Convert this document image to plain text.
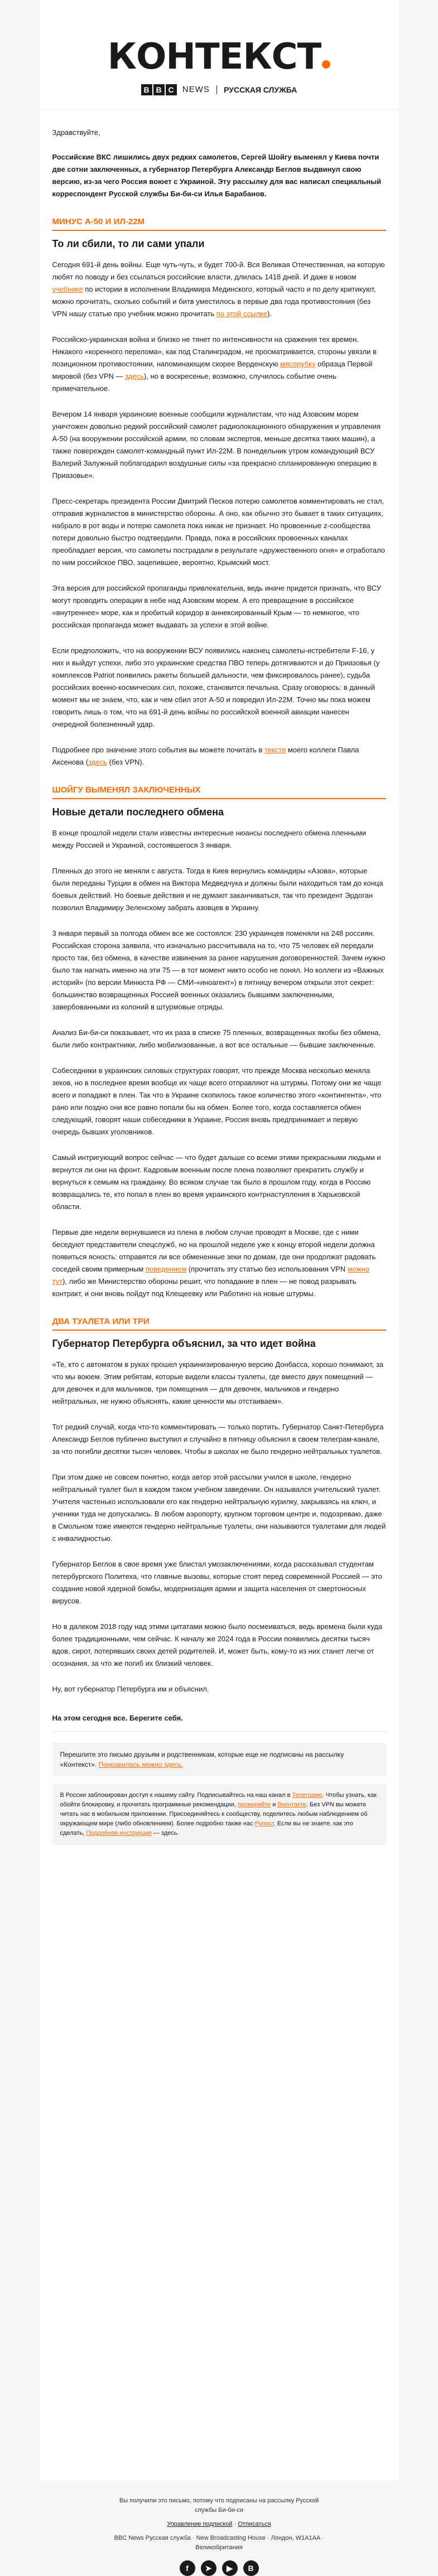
КОНТЕКСТ
B B C	NEWS РУССКАЯ СЛУЖБА

Здравствуйте,

Российские ВКС лишились двух редких самолетов, Сергей Шойгу выменял у Киева почти две сотни заключенных, а губернатор Петербурга Александр Беглов выдвинул свою версию, из-за чего Россия воюет с Украиной. Эту рассылку для вас написал специальный корреспондент Русской службы Би-би-си Илья Барабанов.

МИНУС А-50 И ИЛ-22М
То ли сбили, то ли сами упали

Сегодня 691-й день войны. Еще чуть-чуть, и будет 700-й. Вся Великая Отечественная, на которую любят по поводу и без ссылаться российские власти, длилась 1418 дней. И даже в новом учебнике по истории в исполнении Владимира Мединского, который часто и по делу критикуют, можно прочитать, сколько событий и битв уместилось в первые два года противостояния (без VPN нашу статью про учебник можно прочитать по этой ссылке).

Российско-украинская война и близко не тянет по интенсивности на сражения тех времен. Никакого «коренного перелома», как под Сталинградом, не просматривается, стороны увязли в позиционном противостоянии, напоминающем скорее Верденскую мясорубку образца Первой мировой (без VPN — здесь), но в воскресенье, возможно, случилось событие очень примечательное.

Вечером 14 января украинские военные сообщили журналистам, что над Азовским морем уничтожен довольно редкий российский самолет радиолокационного обнаружения и управления А-50 (на вооружении российской армии, по словам экспертов, меньше десятка таких машин), а также повережден самолет-командный пункт Ил-22М. В понедельник утром командующий ВСУ Валерий Залужный поблагодарил воздушные силы «за прекрасно спланированную операцию в Приазовье».

Пресс-секретарь президента России Дмитрий Песков потерю самолетов комментировать не стал, отправив журналистов в министерство обороны. А оно, как обычно это бывает в таких ситуациях, набрало в рот воды и потерю самолета пока никак не признает. Но провоенные z-сообщества потери довольно быстро подтвердили. Правда, пока в российских провоенных каналах преобладает версия, что самолеты пострадали в результате «дружественного огня» и отработало по ним российское ПВО, зацепившее, вероятно, Крымский мост.

Эта версия для российской пропаганды привлекательна, ведь иначе придется признать, что ВСУ могут проводить операции в небе над Азовским морем. А его превращение в российское «внутреннее» море, как и пробитый коридор в аннексированный Крым — то немногое, что российская пропаганда может выдавать за успехи в этой войне.

Если предположить, что на вооружении ВСУ появились наконец самолеты-истребители F-16, у них и выйдут успехи, либо это украинские средства ПВО теперь дотягиваются и до Приазовья (у комплексов Patriot появились ракеты большей дальности, чем фиксировалось ранее), судьба российских военно-космических сил, похоже, становится печальна. Сразу оговорюсь: в данный момент мы не знаем, что, как и чем сбил этот А-50 и повредил Ил-22М. Точно мы пока можем говорить лишь о том, что на 691-й день войны по российской военной авиации нанесен очередной болезненный удар.

Подробнее про значение этого события вы можете почитать в тексте моего коллеги Павла Аксенова (здесь (без VPN).

ШОЙГУ ВЫМЕНЯЛ ЗАКЛЮЧЕННЫХ
Новые детали последнего обмена

В конце прошлой недели стали известны интересные нюансы последнего обмена пленными между Россией и Украиной, состоявшегося 3 января.

Пленных до этого не меняли с августа. Тогда в Киев вернулись командиры «Азова», которые были переданы Турции в обмен на Виктора Медведчука и должны были находиться там до конца боевых действий. Но боевые действия и не думают заканчиваться, так что президент Эрдоган позволил Владимиру Зеленскому забрать азовцев в Украину.

3 января первый за полгода обмен все же состоялся: 230 украинцев поменяли на 248 россиян. Российская сторона заявила, что изначально рассчитывала на то, что 75 человек ей передали просто так, без обмена, в качестве извинения за ранее нарушения договоренностей. Зачем нужно было так нагнать именно на эти 75 — в тот момент никто особо не понял. Но коллеги из «Важных историй» (по версии Минюста РФ — СМИ-«иноагент») в пятницу вечером открыли этот секрет: большинство возвращенных Россией военных оказались бывшими заключенными, завербованными из колоний в штурмовые отряды.

Анализ Би-би-си показывает, что их раза в списке 75 пленных, возвращенных якобы без обмена, были либо контрактники, либо мобилизованные, а вот все остальные — бывшие заключенные.

Собеседники в украинских силовых структурах говорят, что прежде Москва несколько меняла зеков, но в последнее время вообще их чаще всего отправляют на штурмы. Потому они же чаще всего и попадают в плен. Так что в Украине скопилось такое количество этого «контингента», что рано или поздно они все равно попали бы на обмен. Более того, когда составляется обмен следующий, говорят наши собеседники в Украине, Россия вновь предпринимает и первую очередь бывших уголовников.

Самый интригующий вопрос сейчас — что будет дальше со всеми этими прекрасными людьми и вернутся ли они на фронт. Кадровым военным после плена позволяют прекратить службу и вернуться к семьям на гражданку. Во всяком случае так было в прошлом году, когда в Россию возвращались те, кто попал в плен во время украинского контрнаступления в Харьковской области.

Первые две недели вернувшиеся из плена в любом случае проводят в Москве, где с ними беседуют представители спецслужб, но на прошлой неделе уже к концу второй недели должна появиться ясность: отправятся ли все обмененные зеки по домам, где они продолжат радовать соседей своим примерным поведением (прочитать эту статью без использования VPN можно тут), либо же Министерство обороны решит, что попадание в плен — не повод разрывать контракт, и они вновь пойдут под Клещеевку или Работино на новые штурмы.

ДВА ТУАЛЕТА ИЛИ ТРИ
Губернатор Петербурга объяснил, за что идет война

«Те, кто с автоматом в руках прошел украинизированную версию Донбасса, хорошо понимают, за что мы воюем. Этим ребятам, которые видели классы туалеты, где вместо двух помещений — для девочек и для мальчиков, три помещения — для девочек, мальчиков и гендерно нейтральных, не нужно объяснять, какие ценности мы отстаиваем».

Тот редкий случай, когда что-то комментировать — только портить. Губернатор Санкт-Петербурга Александр Беглов публично выступил и случайно в пятницу объяснил в своем телеграм-канале, за что погибли десятки тысяч человек. Чтобы в школах не было гендерно нейтральных туалетов.

При этом даже не совсем понятно, когда автор этой рассылки учился в школе, гендерно нейтральный туалет был в каждом таком учебном заведении. Он назывался учительский туалет. Учителя частенько использовали его как гендерно нейтральную курилку, закрываясь на ключ, и ученики туда не допускались. В любом аэропорту, крупном торговом центре и, подозреваю, даже в Смольном тоже имеются гендерно нейтральные туалеты, они называются туалетами для людей с инвалидностью.

Губернатор Беглов в свое время уже блистал умозаключениями, когда рассказывал студентам петербургского Политеха, что главные вызовы, которые стоят перед современной Россией — это создание новой ядерной бомбы, модернизация армии и защита населения от смертоносных вирусов.

Но в далеком 2018 году над этими цитатами можно было посмеиваться, ведь времена были куда более традиционными, чем сейчас. К началу же 2024 года в России появились десятки тысяч вдов, сирот, потерявших своих детей родителей. И, может быть, кому-то из них станет легче от осознания, за что же погиб их близкий человек.

Ну, вот губернатор Петербурга им и объяснил.

На этом сегодня все. Берегите себя.
Перешлите это письмо друзьям и родственникам, которые еще не подписаны на рассылку «Контекст». Понравилась можно здесь.
В России заблокирован доступ к нашему сайту. Подписывайтесь на наш канал в Телеграме. Чтобы узнать, как обойти блокировку, и прочитать программные рекомендации, проверяйте и Вконтакте. Без VPN вы можете читать нас в мобильном приложении. Присоединяйтесь к сообществу, поделитесь любым наблюдением об окружающем мире (либо обновлением). Более подробно также нас Рупост. Если вы не знаете, как это сделать, Подробная инструкция — здесь.
Вы получили это письмо, потому что подписаны на рассылку Русской
службы Би-би-си
Управление подпиской · Отписаться
BBC News Русская служба · New Broadcasting House · Лондон, W1A1AA ·
Великобритания
f	➤	▶	В
